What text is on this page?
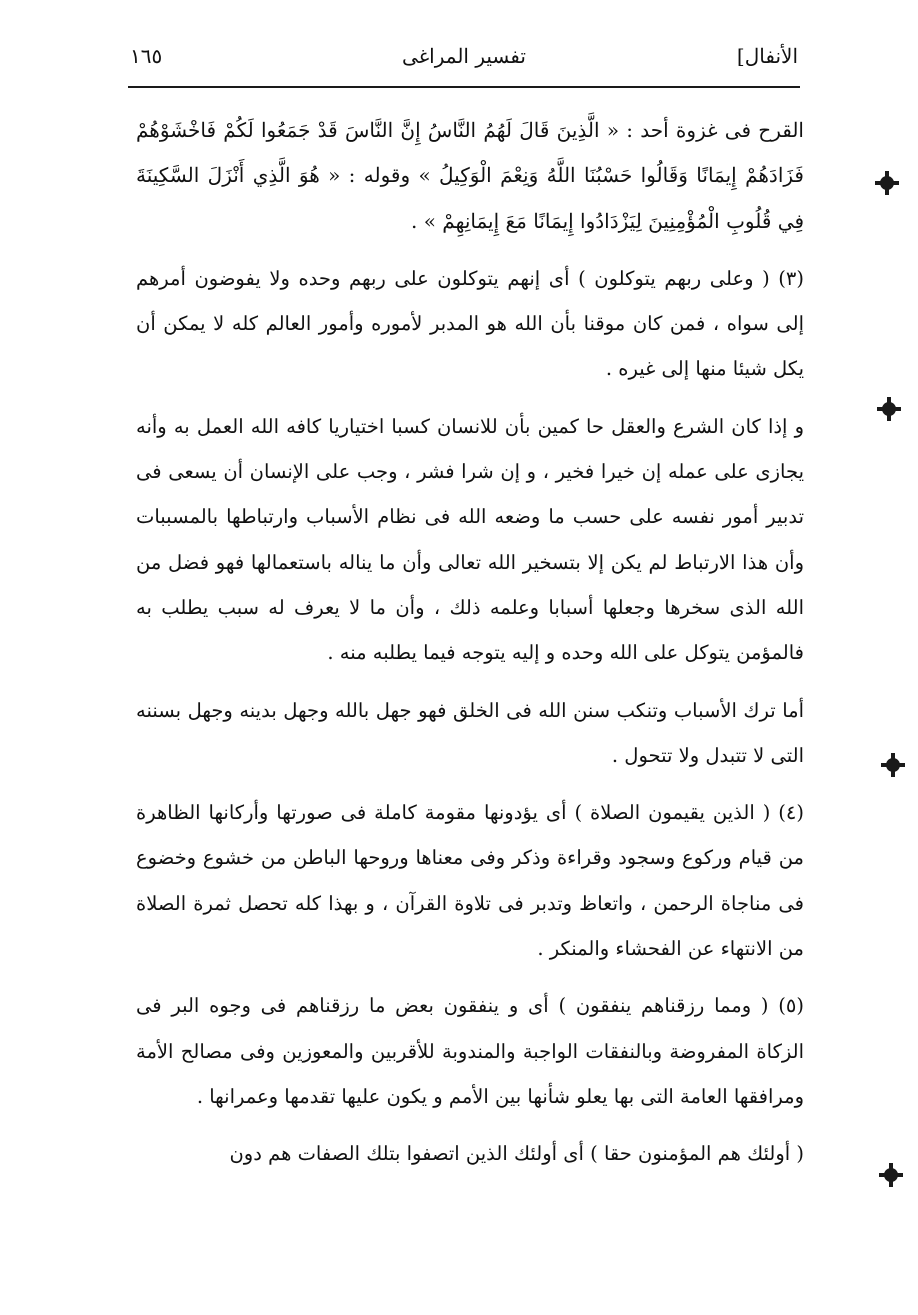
الأنفال]
تفسير المراغى
١٦٥

القرح فى غزوة أحد : « الَّذِينَ قَالَ لَهُمُ النَّاسُ إِنَّ النَّاسَ قَدْ جَمَعُوا لَكُمْ فَاخْشَوْهُمْ فَزَادَهُمْ إِيمَانًا وَقَالُوا حَسْبُنَا اللَّهُ وَنِعْمَ الْوَكِيلُ » وقوله : « هُوَ الَّذِي أَنْزَلَ السَّكِينَةَ فِي قُلُوبِ الْمُؤْمِنِينَ لِيَزْدَادُوا إِيمَانًا مَعَ إِيمَانِهِمْ » .

(٣) ( وعلى ربهم يتوكلون ) أى إنهم يتوكلون على ربهم وحده ولا يفوضون أمرهم إلى سواه ، فمن كان موقنا بأن الله هو المدبر لأموره وأمور العالم كله لا يمكن أن يكل شيئا منها إلى غيره .

و إذا كان الشرع والعقل حا كمين بأن للانسان كسبا اختياريا كافه الله العمل به وأنه يجازى على عمله إن خيرا فخير ، و إن شرا فشر ، وجب على الإنسان أن يسعى فى تدبير أمور نفسه على حسب ما وضعه الله فى نظام الأسباب وارتباطها بالمسببات وأن هذا الارتباط لم يكن إلا بتسخير الله تعالى وأن ما يناله باستعمالها فهو فضل من الله الذى سخرها وجعلها أسبابا وعلمه ذلك ، وأن ما لا يعرف له سبب يطلب به فالمؤمن يتوكل على الله وحده و إليه يتوجه فيما يطلبه منه .

أما ترك الأسباب وتنكب سنن الله فى الخلق فهو جهل بالله وجهل بدينه وجهل بسننه التى لا تتبدل ولا تتحول .

(٤) ( الذين يقيمون الصلاة ) أى يؤدونها مقومة كاملة فى صورتها وأركانها الظاهرة من قيام وركوع وسجود وقراءة وذكر وفى معناها وروحها الباطن من خشوع وخضوع فى مناجاة الرحمن ، واتعاظ وتدبر فى تلاوة القرآن ، و بهذا كله تحصل ثمرة الصلاة من الانتهاء عن الفحشاء والمنكر .

(٥) ( ومما رزقناهم ينفقون ) أى و ينفقون بعض ما رزقناهم فى وجوه البر فى الزكاة المفروضة وبالنفقات الواجبة والمندوبة للأقربين والمعوزين وفى مصالح الأمة ومرافقها العامة التى بها يعلو شأنها بين الأمم و يكون عليها تقدمها وعمرانها .

( أولئك هم المؤمنون حقا ) أى أولئك الذين اتصفوا بتلك الصفات هم دون
